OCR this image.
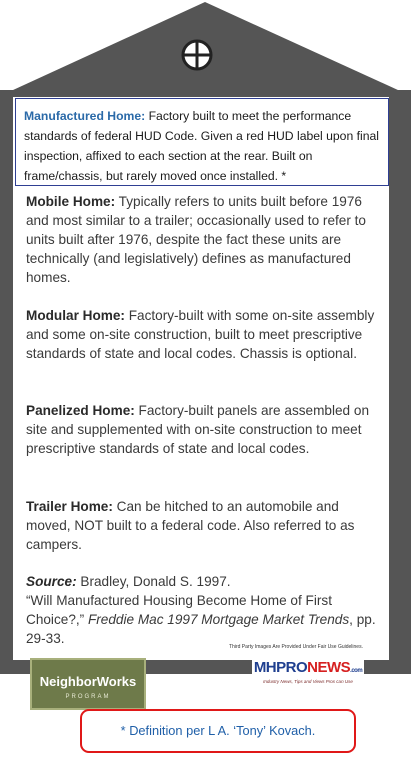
Manufactured Home: Factory built to meet the performance standards of federal HUD Code. Given a red HUD label upon final inspection, affixed to each section at the rear. Built on frame/chassis, but rarely moved once installed. *
Mobile Home: Typically refers to units built before 1976 and most similar to a trailer; occasionally used to refer to units built after 1976, despite the fact these units are technically (and legislatively) defines as manufactured homes.
Modular Home: Factory-built with some on-site assembly and some on-site construction, built to meet prescriptive standards of state and local codes. Chassis is optional.
Panelized Home: Factory-built panels are assembled on site and supplemented with on-site construction to meet prescriptive standards of state and local codes.
Trailer Home: Can be hitched to an automobile and moved, NOT built to a federal code. Also referred to as campers.
Source: Bradley, Donald S. 1997.
“Will Manufactured Housing Become Home of First Choice?,” Freddie Mac 1997 Mortgage Market Trends, pp. 29-33.
NeighborWorks
PROGRAM
Third Party Images Are Provided Under Fair Use Guidelines.
MHPRONEWS.com
Industry News, Tips and Views Pros can Use
* Definition per L A. ‘Tony’ Kovach.
